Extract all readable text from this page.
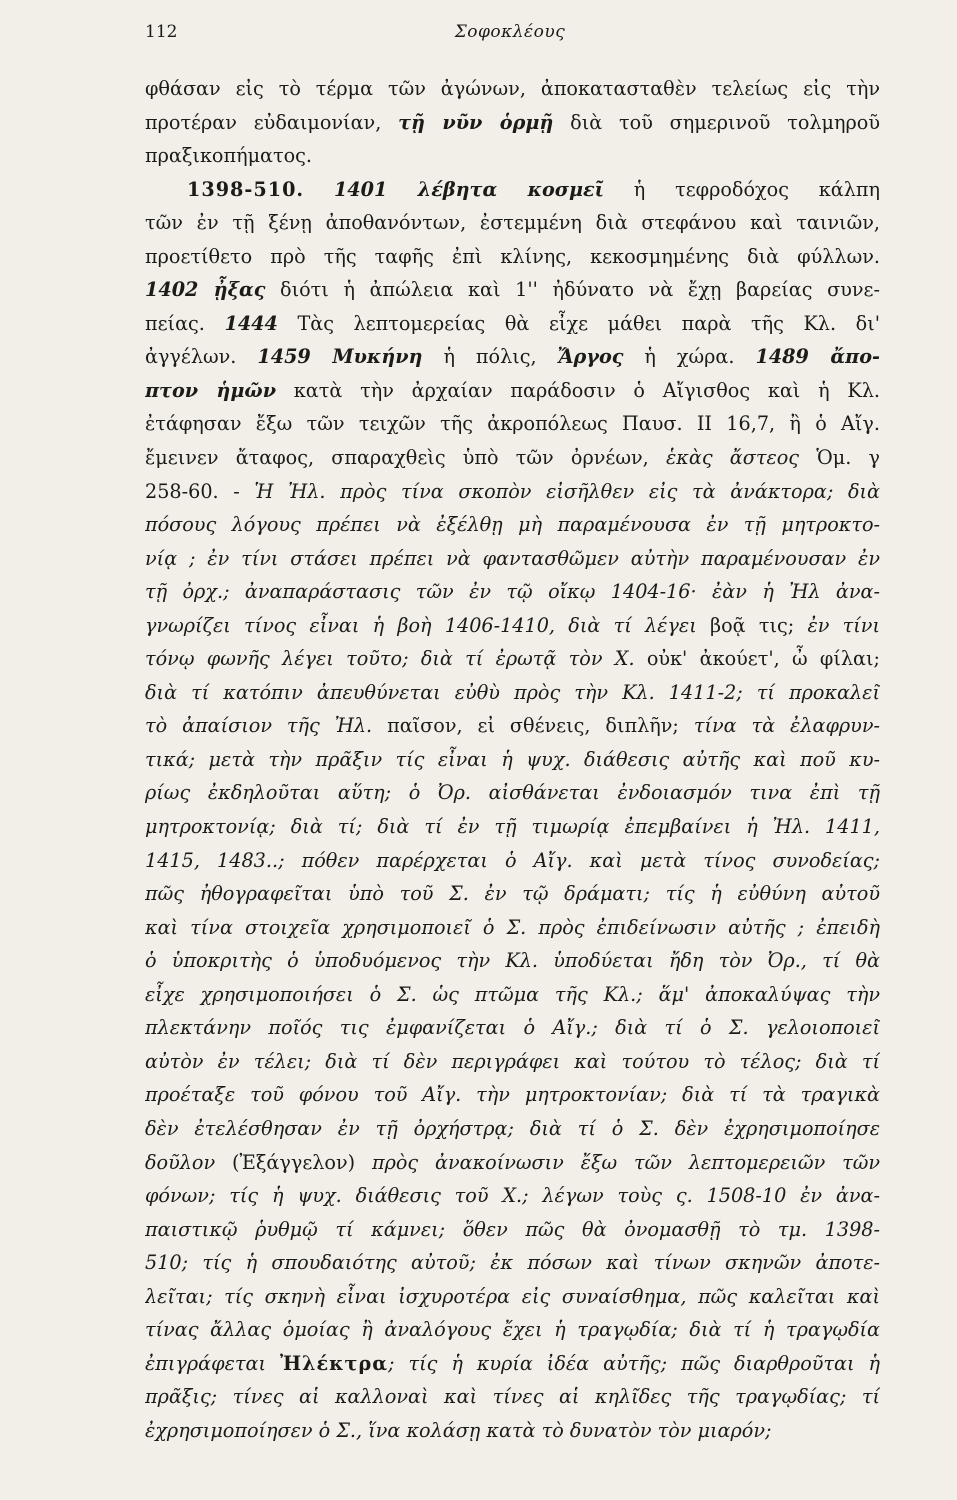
112	Σοφοκλέους
φθάσαν εἰς τὸ τέρμα τῶν ἀγώνων, ἀποκατασταθὲν τελείως εἰς τὴν
προτέραν εὐδαιμονίαν, τῇ νῦν ὁρμῇ διὰ τοῦ σημερινοῦ τολμηροῦ
πραξικοπήματος.
1398-510. 1401 λέβητα κοσμεῖ ἡ τεφροδόχος κάλπη
τῶν ἐν τῇ ξένῃ ἀποθανόντων, ἐστεμμένη διὰ στεφάνου καὶ ταινιῶν,
προετίθετο πρὸ τῆς ταφῆς ἐπὶ κλίνης, κεκοσμημένης διὰ φύλλων.
1402 ᾖξας διότι ἡ ἀπώλεια καὶ 1'' ἠδύνατο νὰ ἔχῃ βαρείας συνε-
πείας. 1444 Τὰς λεπτομερείας θὰ εἶχε μάθει παρὰ τῆς Κλ. δι'
ἀγγέλων. 1459 Μυκήνη ἡ πόλις, Ἄργος ἡ χώρα. 1489 ἄπο-
πτον ἡμῶν κατὰ τὴν ἀρχαίαν παράδοσιν ὁ Αἴγισθος καὶ ἡ Κλ.
ἐτάφησαν ἔξω τῶν τειχῶν τῆς ἀκροπόλεως Παυσ. ΙΙ 16,7, ἢ ὁ Αἴγ.
ἔμεινεν ἄταφος, σπαραχθεὶς ὑπὸ τῶν ὀρνέων, ἑκὰς ἄστεος Ὁμ. γ
258-60. - Ἡ Ἠλ. πρὸς τίνα σκοπὸν εἰσῆλθεν εἰς τὰ ἀνάκτορα; διὰ
πόσους λόγους πρέπει νὰ ἐξέλθῃ μὴ παραμένουσα ἐν τῇ μητροκτο-
νίᾳ ; ἐν τίνι στάσει πρέπει νὰ φαντασθῶμεν αὐτὴν παραμένουσαν ἐν
τῇ ὀρχ.; ἀναπαράστασις τῶν ἐν τῷ οἴκῳ 1404-16· ἐὰν ἡ Ἠλ ἀνα-
γνωρίζει τίνος εἶναι ἡ βοὴ 1406-1410, διὰ τί λέγει βοᾷ τις; ἐν τίνι
τόνῳ φωνῆς λέγει τοῦτο; διὰ τί ἐρωτᾷ τὸν Χ. οὐκ' ἀκούετ', ὦ φίλαι;
διὰ τί κατόπιν ἀπευθύνεται εὐθὺ πρὸς τὴν Κλ. 1411-2; τί προκαλεῖ
τὸ ἀπαίσιον τῆς Ἠλ. παῖσον, εἰ σθένεις, διπλῆν; τίνα τὰ ἐλαφρυν-
τικά; μετὰ τὴν πρᾶξιν τίς εἶναι ἡ ψυχ. διάθεσις αὐτῆς καὶ ποῦ κυ-
ρίως ἐκδηλοῦται αὕτη; ὁ Ὀρ. αἰσθάνεται ἐνδοιασμόν τινα ἐπὶ τῇ
μητροκτονίᾳ; διὰ τί; διὰ τί ἐν τῇ τιμωρίᾳ ἐπεμβαίνει ἡ Ἠλ. 1411,
1415, 1483..; πόθεν παρέρχεται ὁ Αἴγ. καὶ μετὰ τίνος συνοδείας;
πῶς ἠθογραφεῖται ὑπὸ τοῦ Σ. ἐν τῷ δράματι; τίς ἡ εὐθύνη αὐτοῦ
καὶ τίνα στοιχεῖα χρησιμοποιεῖ ὁ Σ. πρὸς ἐπιδείνωσιν αὐτῆς ; ἐπειδὴ
ὁ ὑποκριτὴς ὁ ὑποδυόμενος τὴν Κλ. ὑποδύεται ἤδη τὸν Ὀρ., τί θὰ
εἶχε χρησιμοποιήσει ὁ Σ. ὡς πτῶμα τῆς Κλ.; ἅμ' ἀποκαλύψας τὴν
πλεκτάνην ποῖός τις ἐμφανίζεται ὁ Αἴγ.; διὰ τί ὁ Σ. γελοιοποιεῖ
αὐτὸν ἐν τέλει; διὰ τί δὲν περιγράφει καὶ τούτου τὸ τέλος; διὰ τί
προέταξε τοῦ φόνου τοῦ Αἴγ. τὴν μητροκτονίαν; διὰ τί τὰ τραγικὰ
δὲν ἐτελέσθησαν ἐν τῇ ὀρχήστρᾳ; διὰ τί ὁ Σ. δὲν ἐχρησιμοποίησε
δοῦλον (Ἐξάγγελον) πρὸς ἀνακοίνωσιν ἔξω τῶν λεπτομερειῶν τῶν
φόνων; τίς ἡ ψυχ. διάθεσις τοῦ Χ.; λέγων τοὺς ς. 1508-10 ἐν ἀνα-
παιστικῷ ῥυθμῷ τί κάμνει; ὅθεν πῶς θὰ ὀνομασθῇ τὸ τμ. 1398-
510; τίς ἡ σπουδαιότης αὐτοῦ; ἐκ πόσων καὶ τίνων σκηνῶν ἀποτε-
λεῖται; τίς σκηνὴ εἶναι ἰσχυροτέρα εἰς συναίσθημα, πῶς καλεῖται καὶ
τίνας ἄλλας ὁμοίας ἢ ἀναλόγους ἔχει ἡ τραγῳδία; διὰ τί ἡ τραγῳδία
ἐπιγράφεται Ἠλέκτρα; τίς ἡ κυρία ἰδέα αὐτῆς; πῶς διαρθροῦται ἡ
πρᾶξις; τίνες αἱ καλλοναὶ καὶ τίνες αἱ κηλῖδες τῆς τραγῳδίας; τί
ἐχρησιμοποίησεν ὁ Σ., ἵνα κολάσῃ κατὰ τὸ δυνατὸν τὸν μιαρόν;
